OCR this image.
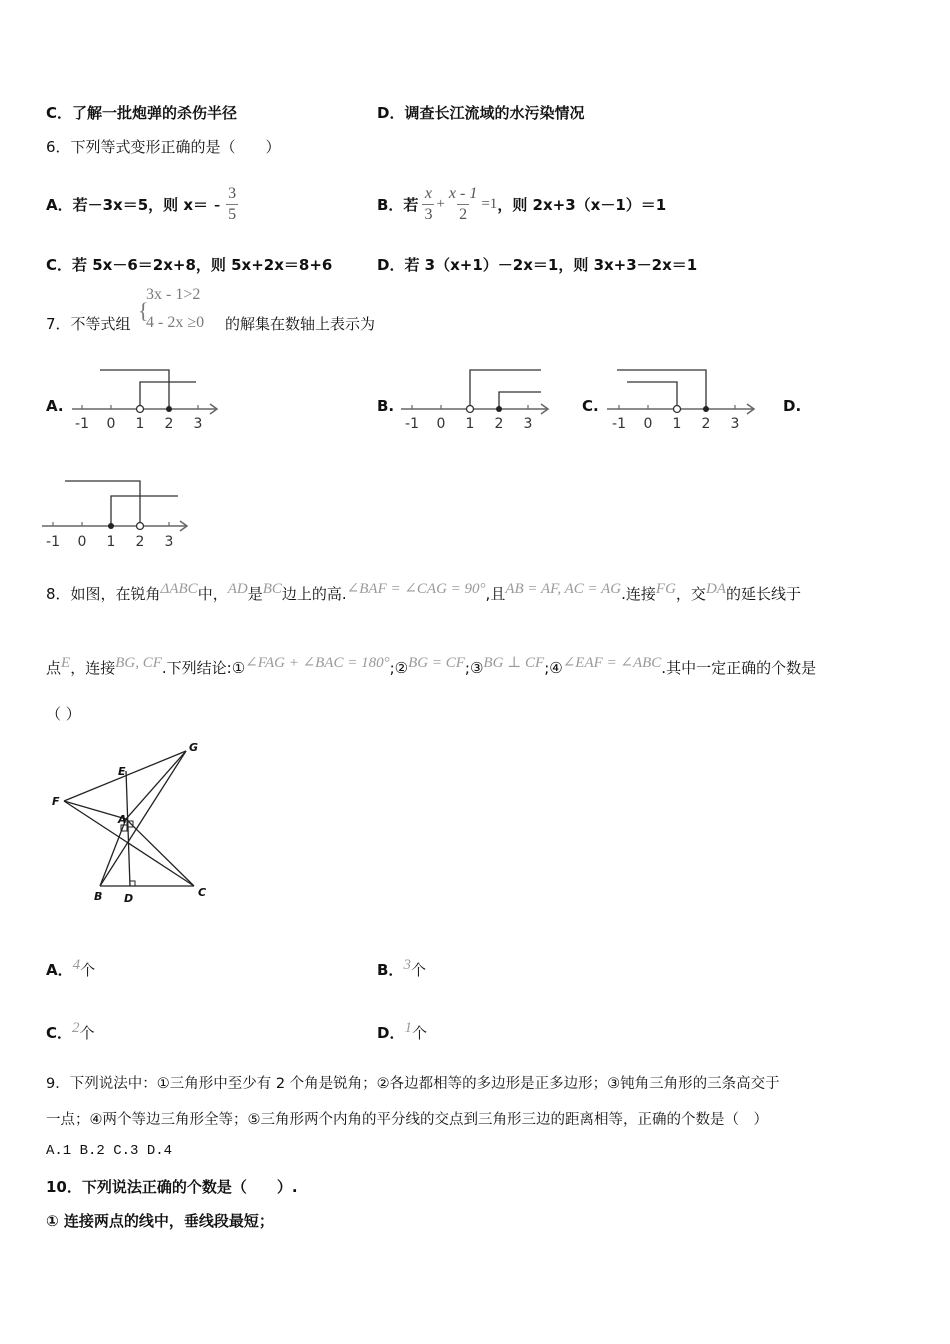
C．了解一批炮弹的杀伤半径	D．调查长江流域的水污染情况
6．下列等式变形正确的是（　　）
A．若－3x＝5，则 $x= - \frac{3}{5}$	B．若 $\frac{x}{3} + \frac{x - 1}{2} =1$ ，则 2x+3（x－1）＝1
C．若 5x－6＝2x+8，则 5x+2x＝8+6	D．若 3（x+1）－2x＝1，则 3x+3－2x＝1
7．不等式组
{
3x - 1>2
4 - 2x ≥0 的解集在数轴上表示为
A.	B.	C.	D.
-1 0 1 2 3	-1 0 1 2 3	-1 0 1 2 3
-1 0 1 2 3
8．如图，在锐角ΔABC中，AD是BC边上的高.∠BAF = ∠CAG = 90°,且AB = AF, AC = AG.连接FG，交DA的延长线于
点E，连接BG, CF.下列结论:①∠FAG + ∠BAC = 180°;②BG = CF;③BG ⊥ CF;④∠EAF = ∠ABC.其中一定正确的个数是
（ ）
G
E
F
A
B D	C
A．4个	B．3个
C．2个	D．1个
9．下列说法中：①三角形中至少有 2 个角是锐角；②各边都相等的多边形是正多边形；③钝角三角形的三条高交于
一点；④两个等边三角形全等；⑤三角形两个内角的平分线的交点到三角形三边的距离相等，正确的个数是（　）
A.1 B.2 C.3 D.4
10．下列说法正确的个数是（　　）.
① 连接两点的线中，垂线段最短；
